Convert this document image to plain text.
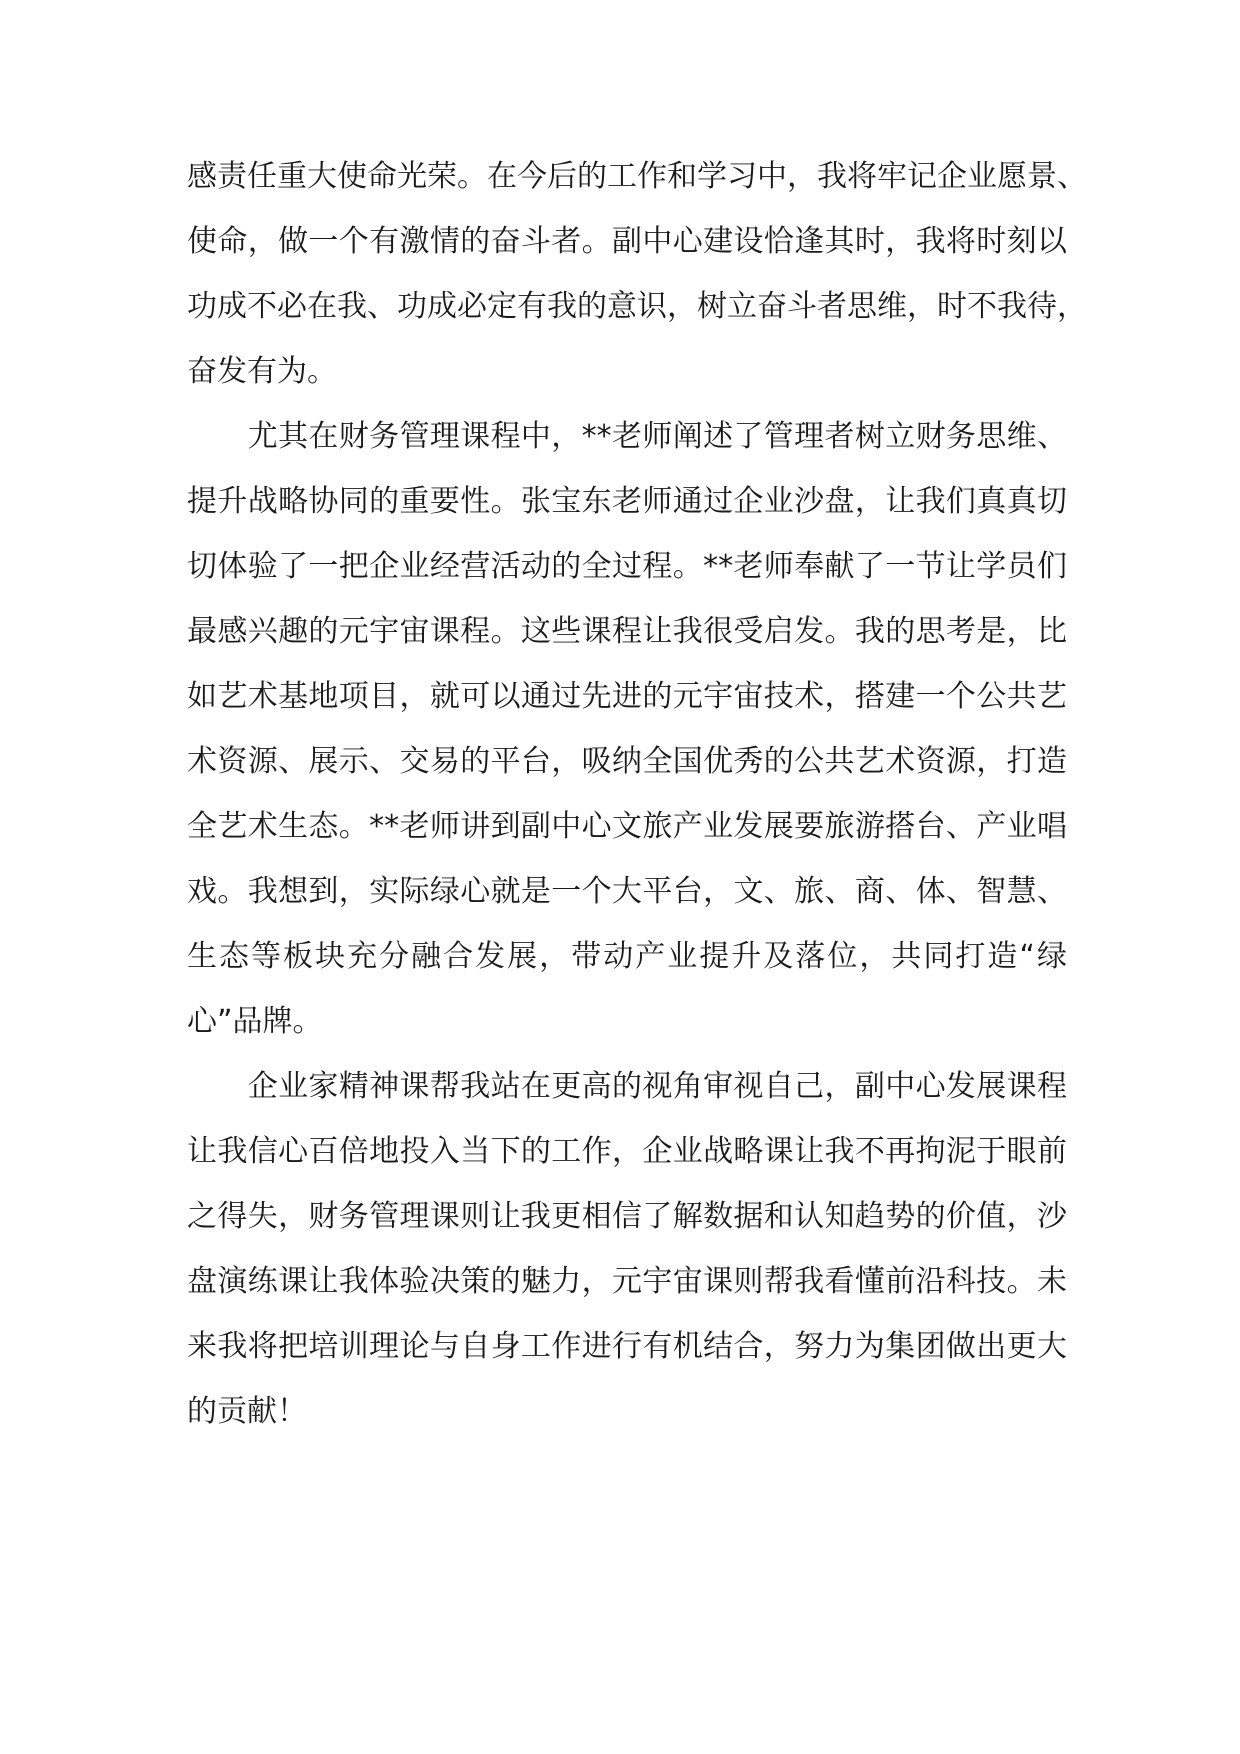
感责任重大使命光荣。在今后的工作和学习中，我将牢记企业愿景、
使命，做一个有激情的奋斗者。副中心建设恰逢其时，我将时刻以
功成不必在我、功成必定有我的意识，树立奋斗者思维，时不我待，
奋发有为。
　　尤其在财务管理课程中，**老师阐述了管理者树立财务思维、
提升战略协同的重要性。张宝东老师通过企业沙盘，让我们真真切
切体验了一把企业经营活动的全过程。**老师奉献了一节让学员们
最感兴趣的元宇宙课程。这些课程让我很受启发。我的思考是，比
如艺术基地项目，就可以通过先进的元宇宙技术，搭建一个公共艺
术资源、展示、交易的平台，吸纳全国优秀的公共艺术资源，打造
全艺术生态。**老师讲到副中心文旅产业发展要旅游搭台、产业唱
戏。我想到，实际绿心就是一个大平台，文、旅、商、体、智慧、
生态等板块充分融合发展，带动产业提升及落位，共同打造“绿
心”品牌。
　　企业家精神课帮我站在更高的视角审视自己，副中心发展课程
让我信心百倍地投入当下的工作，企业战略课让我不再拘泥于眼前
之得失，财务管理课则让我更相信了解数据和认知趋势的价值，沙
盘演练课让我体验决策的魅力，元宇宙课则帮我看懂前沿科技。未
来我将把培训理论与自身工作进行有机结合，努力为集团做出更大
的贡献！
